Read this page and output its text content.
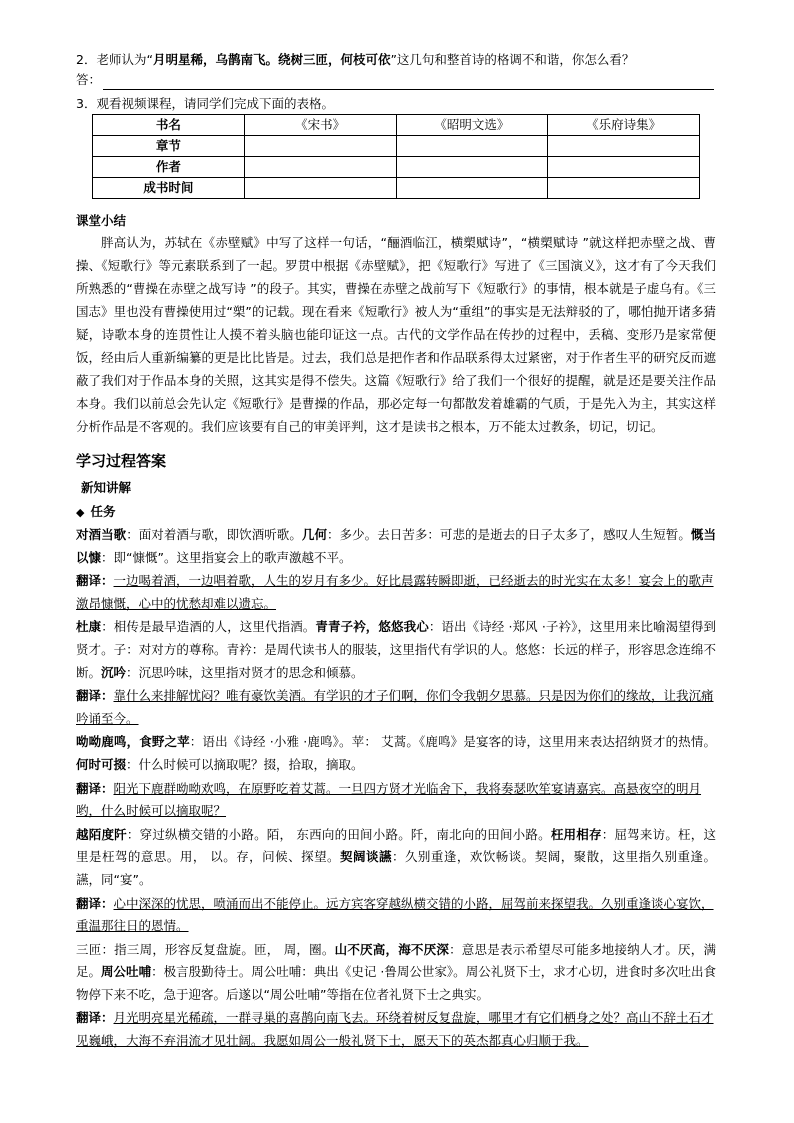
2．老师认为“月明星稀，乌鹊南飞。绕树三匝，何枝可依”这几句和整首诗的格调不和谐，你怎么看？

答：

3．观看视频课程，请同学们完成下面的表格。

书名	《宋书》	《昭明文选》	《乐府诗集》
章节			
作者			
成书时间			

课堂小结

胖高认为，苏轼在《赤壁赋》中写了这样一句话，“酾酒临江，横槊赋诗”，“横槊赋诗 ”就这样把赤壁之战、曹操、《短歌行》等元素联系到了一起。罗贯中根据《赤壁赋》，把《短歌行》写进了《三国演义》，这才有了今天我们所熟悉的“曹操在赤壁之战写诗 ”的段子。其实，曹操在赤壁之战前写下《短歌行》的事情，根本就是子虚乌有。《三国志》里也没有曹操使用过“槊”的记载。现在看来《短歌行》被人为“重组”的事实是无法辩驳的了，哪怕抛开诸多猜疑，诗歌本身的连贯性让人摸不着头脑也能印证这一点。古代的文学作品在传抄的过程中，丢稿、变形乃是家常便饭，经由后人重新编纂的更是比比皆是。过去，我们总是把作者和作品联系得太过紧密，对于作者生平的研究反而遮蔽了我们对于作品本身的关照，这其实是得不偿失。这篇《短歌行》给了我们一个很好的提醒，就是还是要关注作品本身。我们以前总会先认定《短歌行》是曹操的作品，那必定每一句都散发着雄霸的气质，于是先入为主，其实这样分析作品是不客观的。我们应该要有自己的审美评判，这才是读书之根本，万不能太过教条，切记，切记。

学习过程答案

新知讲解

◆ 任务

对酒当歌：面对着酒与歌，即饮酒听歌。几何：多少。去日苦多：可悲的是逝去的日子太多了，感叹人生短暂。慨当以慷：即“慷慨”。这里指宴会上的歌声激越不平。

翻译：一边喝着酒，一边唱着歌，人生的岁月有多少。好比晨露转瞬即逝，已经逝去的时光实在太多！宴会上的歌声激昂慷慨，心中的忧愁却难以遗忘。

杜康：相传是最早造酒的人，这里代指酒。青青子衿，悠悠我心：语出《诗经 ·郑风 ·子衿》，这里用来比喻渴望得到贤才。子：对对方的尊称。青衿：是周代读书人的服装，这里指代有学识的人。悠悠：长远的样子，形容思念连绵不断。沉吟：沉思吟味，这里指对贤才的思念和倾慕。

翻译：靠什么来排解忧闷？唯有豪饮美酒。有学识的才子们啊，你们令我朝夕思慕。只是因为你们的缘故，让我沉痛吟诵至今。

呦呦鹿鸣，食野之苹：语出《诗经 ·小雅 ·鹿鸣》。苹： 艾蒿。《鹿鸣》是宴客的诗，这里用来表达招纳贤才的热情。何时可掇：什么时候可以摘取呢？掇，拾取，摘取。

翻译：阳光下鹿群呦呦欢鸣，在原野吃着艾蒿。一旦四方贤才光临舍下，我将奏瑟吹笙宴请嘉宾。高悬夜空的明月哟，什么时候可以摘取呢？

越陌度阡：穿过纵横交错的小路。陌， 东西向的田间小路。阡，南北向的田间小路。枉用相存：屈驾来访。枉，这里是枉驾的意思。用， 以。存，问候、探望。契阔谈讌：久别重逢，欢饮畅谈。契阔，聚散，这里指久别重逢。讌，同“宴”。

翻译：心中深深的忧思，喷涌而出不能停止。远方宾客穿越纵横交错的小路，屈驾前来探望我。久别重逢谈心宴饮，重温那往日的恩情。

三匝：指三周，形容反复盘旋。匝， 周，圈。山不厌高，海不厌深：意思是表示希望尽可能多地接纳人才。厌，满足。周公吐哺：极言殷勤待士。周公吐哺：典出《史记 ·鲁周公世家》。周公礼贤下士，求才心切，进食时多次吐出食物停下来不吃，急于迎客。后遂以“周公吐哺”等指在位者礼贤下士之典实。

翻译：月光明亮星光稀疏，一群寻巢的喜鹊向南飞去。环绕着树反复盘旋，哪里才有它们栖身之处？高山不辞土石才见巍峨，大海不弃涓流才见壮阔。我愿如周公一般礼贤下士，愿天下的英杰都真心归顺于我。
